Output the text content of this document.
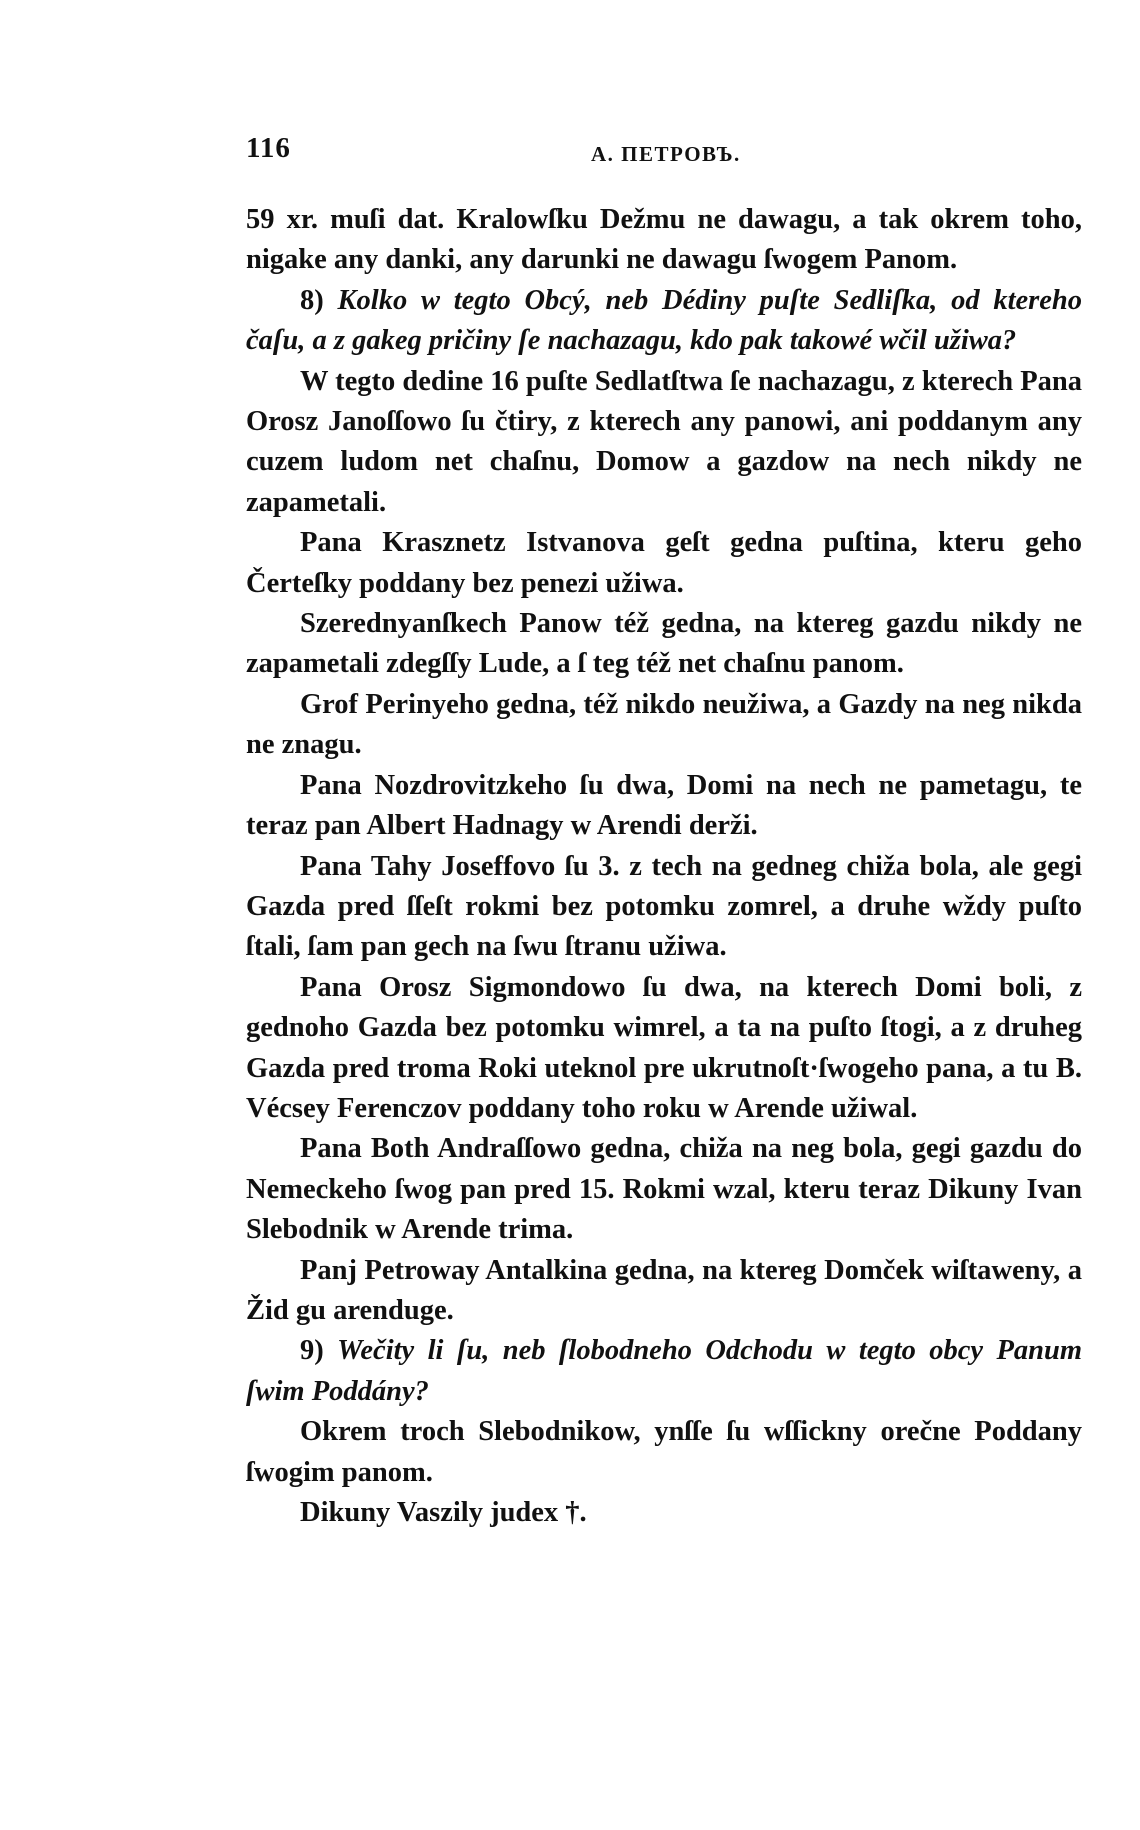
116	А. ПЕТРОВЪ.

59 xr. muſi dat. Kralowſku Dežmu ne dawagu, a tak okrem toho, nigake any danki, any darunki ne dawagu ſwogem Panom.

8) Kolko w tegto Obcý, neb Dédiny puſte Sedliſka, od ktereho čaſu, a z gakeg pričiny ſe nachazagu, kdo pak takowé wčil užiwa?

W tegto dedine 16 puſte Sedlatſtwa ſe nachazagu, z kterech Pana Orosz Janoſſowo ſu čtiry, z kterech any panowi, ani poddanym any cuzem ludom net chaſnu, Domow a gazdow na nech nikdy ne zapametali.

Pana Krasznetz Istvanova geſt gedna puſtina, kteru geho Čerteſky poddany bez penezi užiwa.

Szerednyanſkech Panow též gedna, na ktereg gazdu nikdy ne zapametali zdegſſy Lude, a ſ teg též net chaſnu panom.

Grof Perinyeho gedna, též nikdo neužiwa, a Gazdy na neg nikda ne znagu.

Pana Nozdrovitzkeho ſu dwa, Domi na nech ne pametagu, te teraz pan Albert Hadnagy w Arendi derži.

Pana Tahy Joseffovo ſu 3. z tech na gedneg chiža bola, ale gegi Gazda pred ſſeſt rokmi bez potomku zomrel, a druhe wždy puſto ſtali, ſam pan gech na ſwu ſtranu užiwa.

Pana Orosz Sigmondowo ſu dwa, na kterech Domi boli, z gednoho Gazda bez potomku wimrel, a ta na puſto ſtogi, a z druheg Gazda pred troma Roki uteknol pre ukrutnoſt·ſwogeho pana, a tu B. Vécsey Ferenczov poddany toho roku w Arende užiwal.

Pana Both Andraſſowo gedna, chiža na neg bola, gegi gazdu do Nemeckeho ſwog pan pred 15. Rokmi wzal, kteru teraz Dikuny Ivan Slebodnik w Arende trima.

Panj Petroway Antalkina gedna, na ktereg Domček wiſtaweny, a Žid gu arenduge.

9) Wečity li ſu, neb ſlobodneho Odchodu w tegto obcy Panum ſwim Poddány?

Okrem troch Slebodnikow, ynſſe ſu wſſickny orečne Poddany ſwogim panom.

Dikuny Vaszily judex †.
